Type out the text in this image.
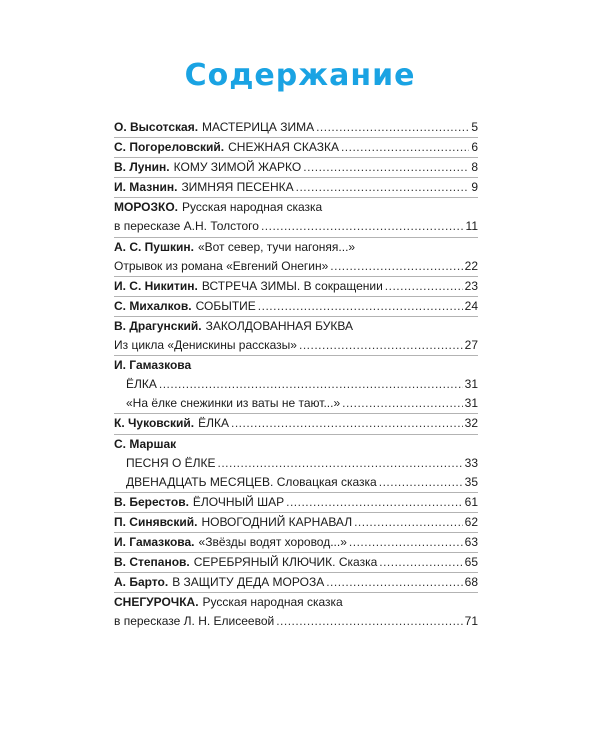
Содержание
О. Высотская. МАСТЕРИЦА ЗИМА .....	5
С. Погореловский. СНЕЖНАЯ СКАЗКА .....	6
В. Лунин. КОМУ ЗИМОЙ ЖАРКО .....	8
И. Мазнин. ЗИМНЯЯ ПЕСЕНКА .....	9
МОРОЗКО. Русская народная сказка
в пересказе А.Н. Толстого .....	11
А. С. Пушкин. «Вот север, тучи нагоняя...»
Отрывок из романа «Евгений Онегин» .....	22
И. С. Никитин. ВСТРЕЧА ЗИМЫ. В сокращении .....	23
С. Михалков. СОБЫТИЕ .....	24
В. Драгунский. ЗАКОЛДОВАННАЯ БУКВА
Из цикла «Денискины рассказы» .....	27
И. Гамазкова
ЁЛКА .....	31
«На ёлке снежинки из ваты не тают...» .....	31
К. Чуковский. ЁЛКА .....	32
С. Маршак
ПЕСНЯ О ЁЛКЕ .....	33
ДВЕНАДЦАТЬ МЕСЯЦЕВ. Словацкая сказка .....	35
В. Берестов. ЁЛОЧНЫЙ ШАР .....	61
П. Синявский. НОВОГОДНИЙ КАРНАВАЛ .....	62
И. Гамазкова. «Звёзды водят хоровод...» .....	63
В. Степанов. СЕРЕБРЯНЫЙ КЛЮЧИК. Сказка .....	65
А. Барто. В ЗАЩИТУ ДЕДА МОРОЗА .....	68
СНЕГУРОЧКА. Русская народная сказка
в пересказе Л. Н. Елисеевой .....	71
